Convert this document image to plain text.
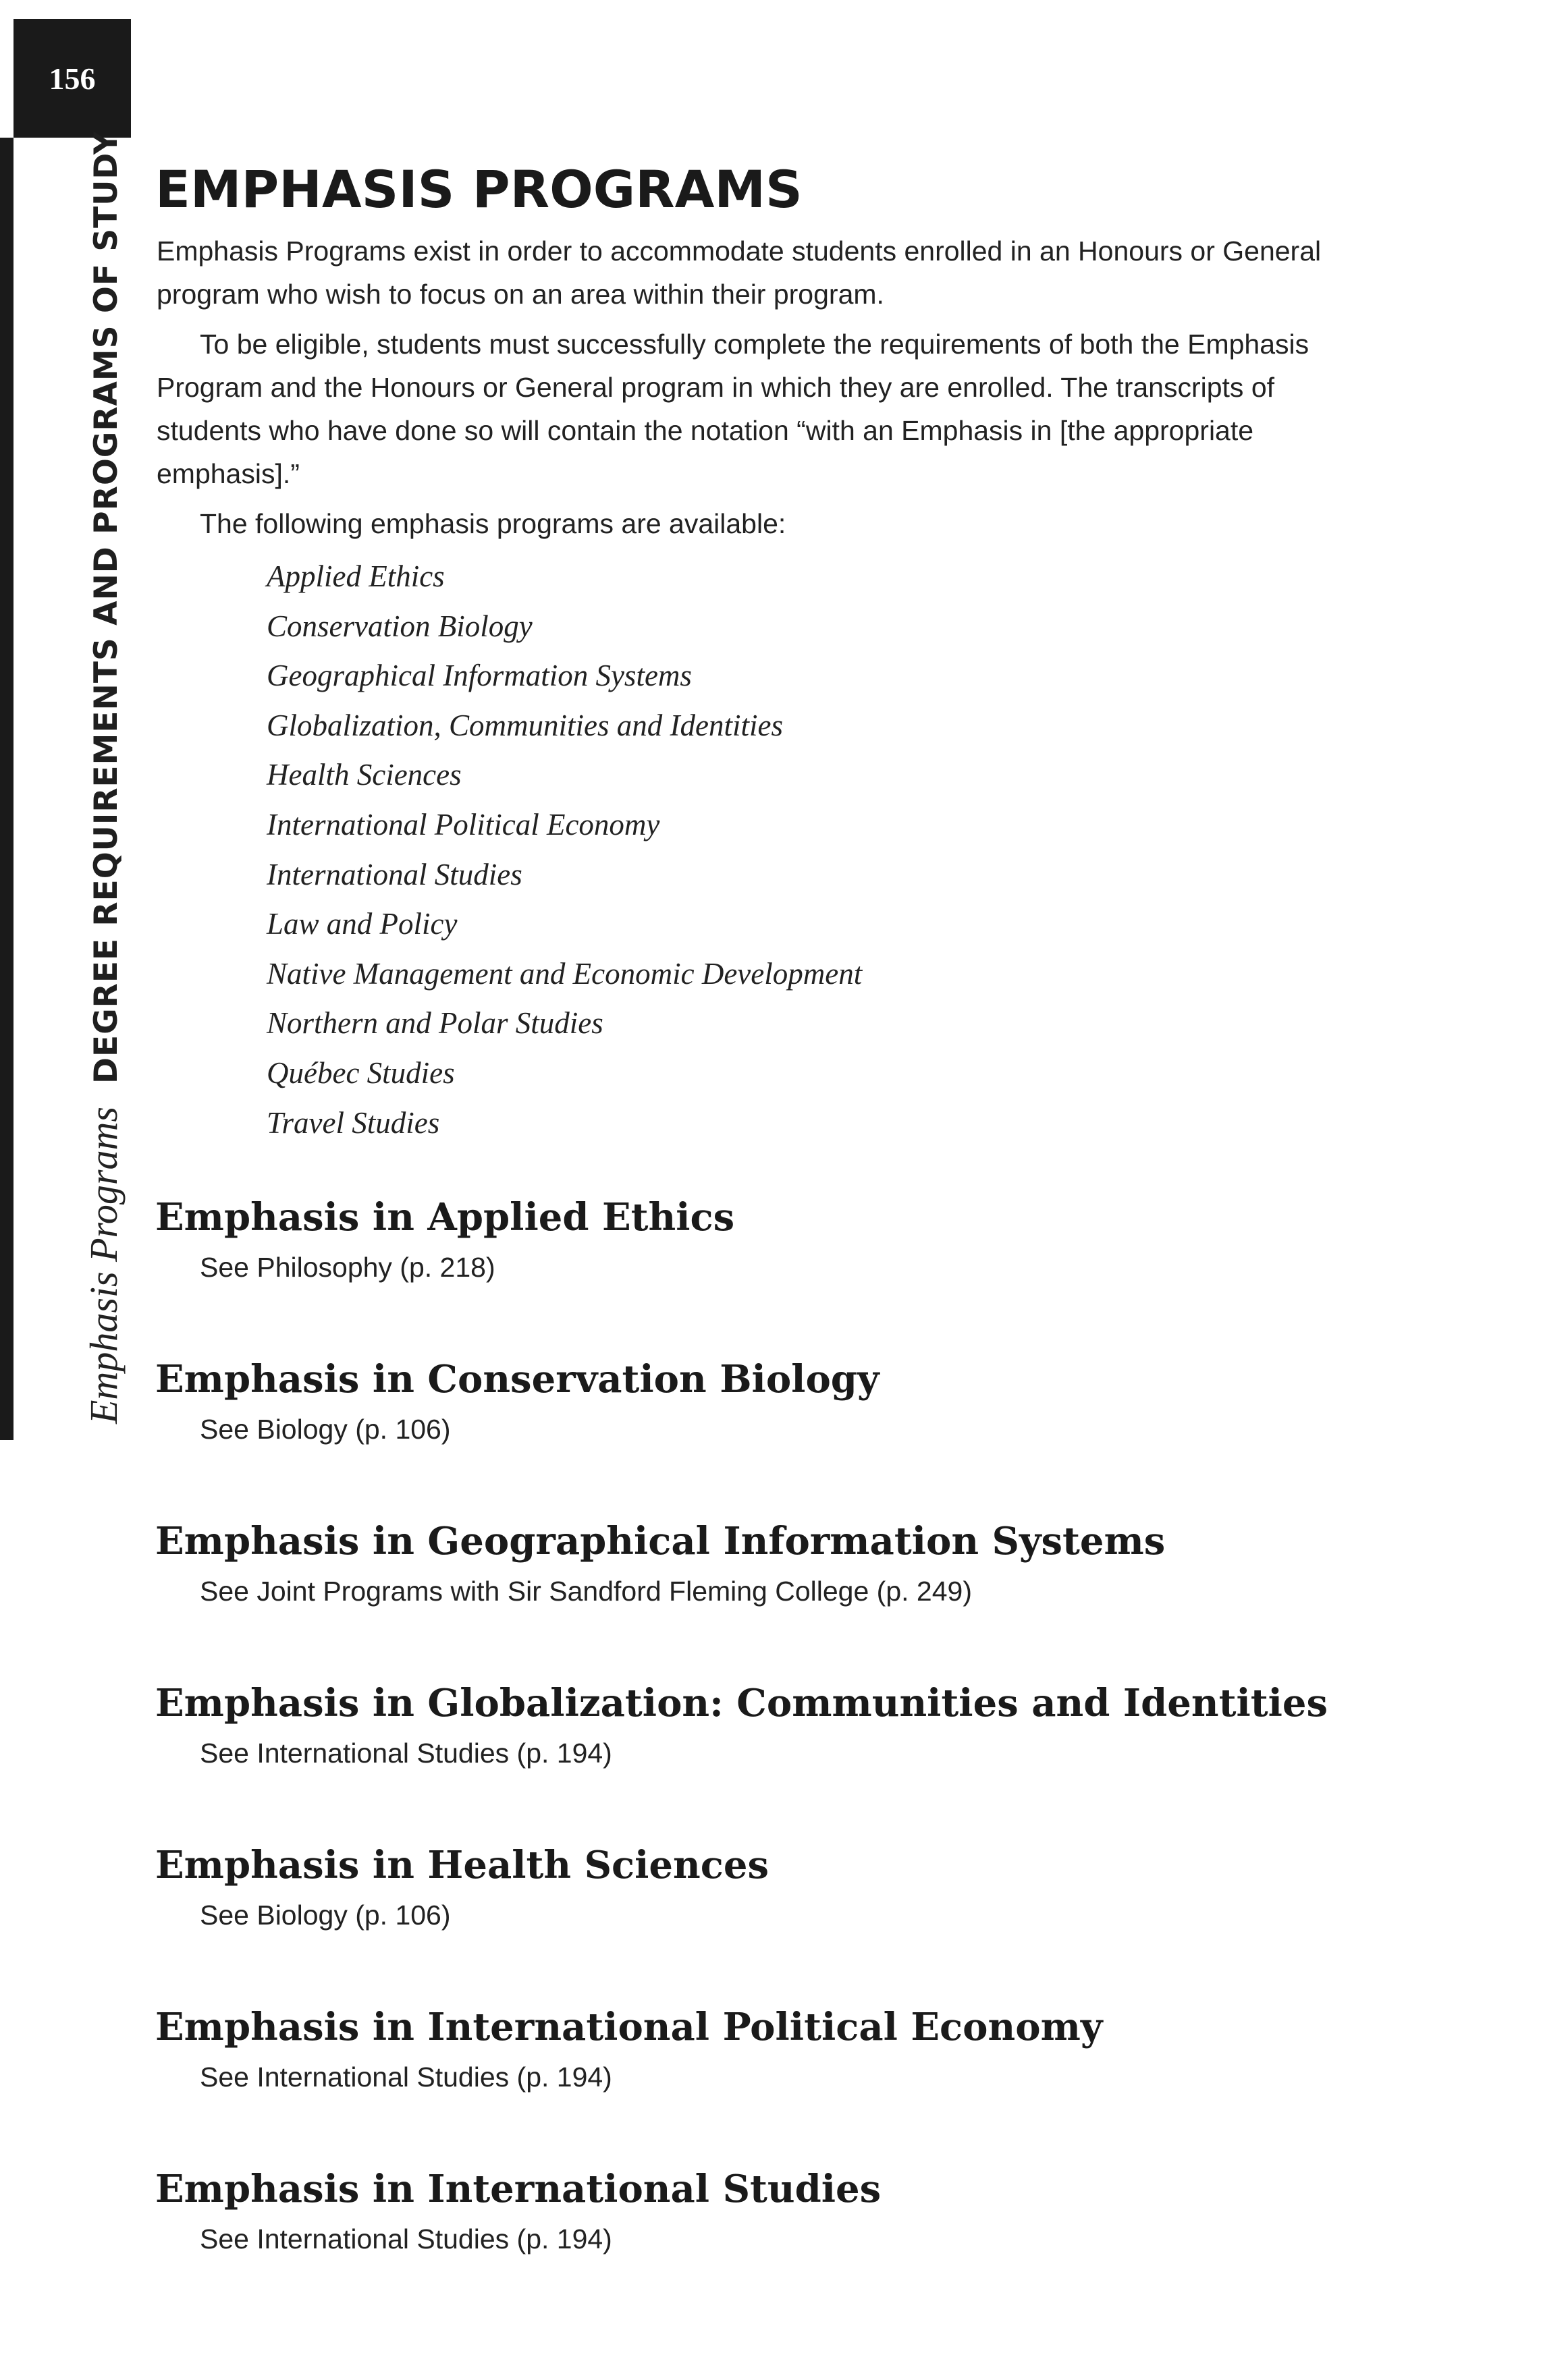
156
Emphasis Programs
DEGREE REQUIREMENTS AND PROGRAMS OF STUDY EMPHASIS PROGRAMS

Emphasis Programs exist in order to accommodate students enrolled in an Honours or General program who wish to focus on an area within their program.

To be eligible, students must successfully complete the requirements of both the Emphasis Program and the Honours or General program in which they are enrolled. The transcripts of students who have done so will contain the notation “with an Emphasis in [the appropriate emphasis].”

The following emphasis programs are available:

Applied Ethics
Conservation Biology
Geographical Information Systems
Globalization, Communities and Identities
Health Sciences
International Political Economy
International Studies
Law and Policy
Native Management and Economic Development
Northern and Polar Studies
Québec Studies
Travel Studies
Emphasis in Applied Ethics
See Philosophy (p. 218)
Emphasis in Conservation Biology
See Biology (p. 106)
Emphasis in Geographical Information Systems
See Joint Programs with Sir Sandford Fleming College (p. 249)
Emphasis in Globalization: Communities and Identities
See International Studies (p. 194)
Emphasis in Health Sciences
See Biology (p. 106)
Emphasis in International Political Economy
See International Studies (p. 194)
Emphasis in International Studies
See International Studies (p. 194)
